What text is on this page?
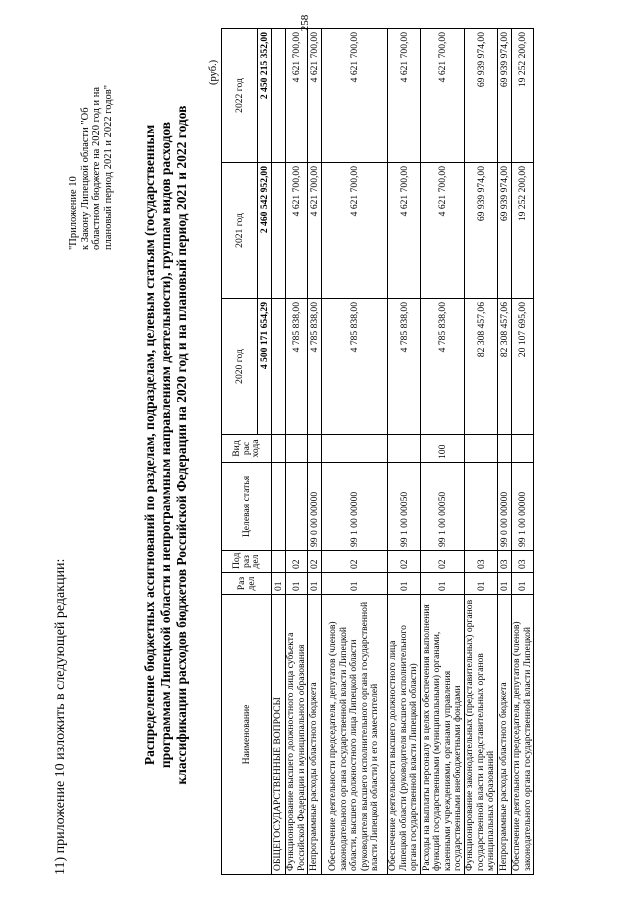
258
11) приложение 10 изложить в следующей редакции:
"Приложение 10 к Закону Липецкой области "Об областном бюджете на 2020 год и на плановый период 2021 и 2022 годов" Распределение бюджетных ассигнований по разделам, подразделам, целевым статьям (государственным программам Липецкой области и непрограммным направлениям деятельности), группам видов расходов классификации расходов бюджетов Российской Федерации на 2020 год и на плановый период 2021 и 2022 годов
(руб.)
Наименование	Раз дел	Под раз дел	Целевая статья	Вид рас хода	2020 год	2021 год	2022 год
					4 500 171 654,29	2 460 542 952,00	2 450 215 352,00
ОБЩЕГОСУДАРСТВЕННЫЕ ВОПРОСЫ	01						
Функционирование высшего должностного лица субъекта Российской Федерации и муниципального образования	01	02			4 785 838,00	4 621 700,00	4 621 700,00
Непрограммные расходы областного бюджета	01	02	99 0 00 00000		4 785 838,00	4 621 700,00	4 621 700,00
Обеспечение деятельности председателя, депутатов (членов) законодательного органа государственной власти Липецкой области, высшего должностного лица Липецкой области (руководителя высшего исполнительного органа государственной власти Липецкой области) и его заместителей	01	02	99 1 00 00000		4 785 838,00	4 621 700,00	4 621 700,00
Обеспечение деятельности высшего должностного лица Липецкой области (руководителя высшего исполнительного органа государственной власти Липецкой области)	01	02	99 1 00 00050		4 785 838,00	4 621 700,00	4 621 700,00
Расходы на выплаты персоналу в целях обеспечения выполнения функций государственными (муниципальными) органами, казенными учреждениями, органами управления государственными внебюджетными фондами	01	02	99 1 00 00050	100	4 785 838,00	4 621 700,00	4 621 700,00
Функционирование законодательных (представительных) органов государственной власти и представительных органов муниципальных образований	01	03			82 308 457,06	69 939 974,00	69 939 974,00
Непрограммные расходы областного бюджета	01	03	99 0 00 00000		82 308 457,06	69 939 974,00	69 939 974,00
Обеспечение деятельности председателя, депутатов (членов) законодательного органа государственной власти Липецкой	01	03	99 1 00 00000		20 107 695,00	19 252 200,00	19 252 200,00
